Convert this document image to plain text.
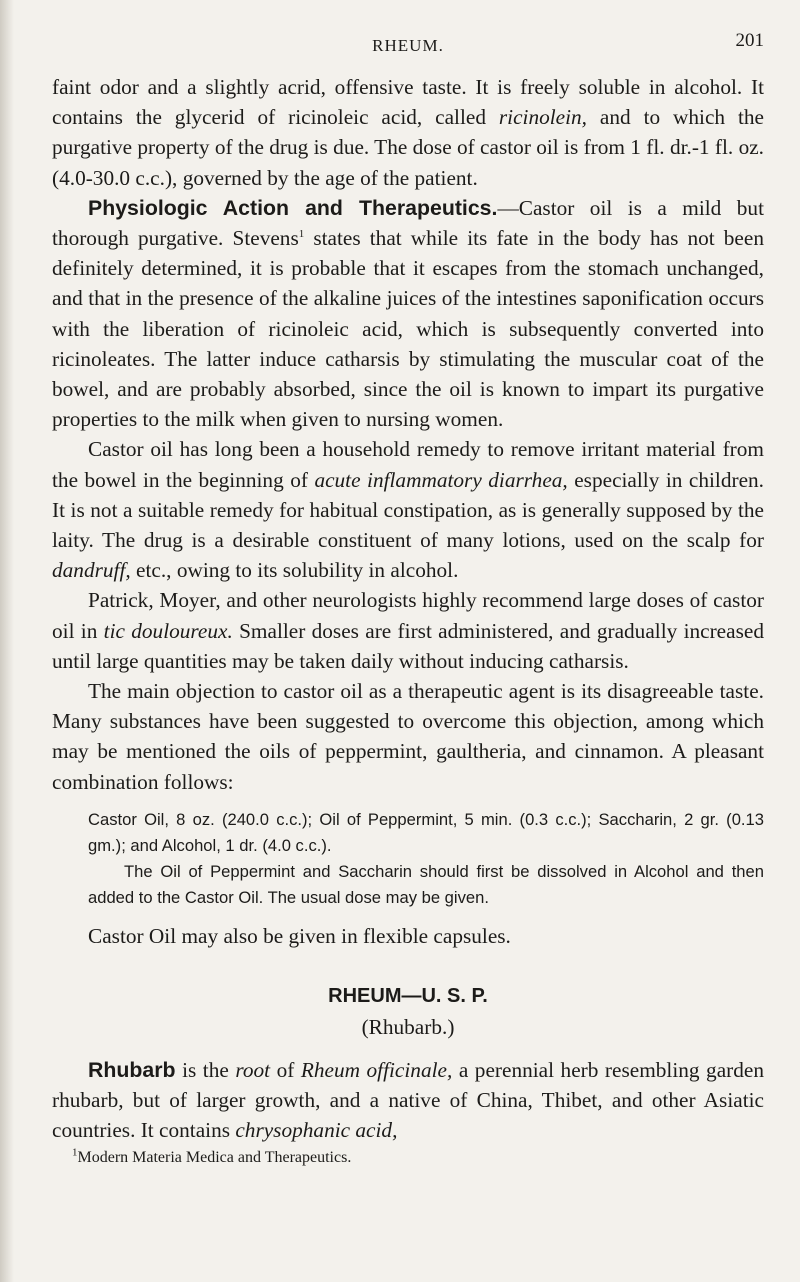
RHEUM.	201

faint odor and a slightly acrid, offensive taste. It is freely soluble in alcohol. It contains the glycerid of ricinoleic acid, called ricinolein, and to which the purgative property of the drug is due. The dose of castor oil is from 1 fl. dr.-1 fl. oz. (4.0-30.0 c.c.), governed by the age of the patient.

Physiologic Action and Therapeutics.—Castor oil is a mild but thorough purgative. Stevens$^1$ states that while its fate in the body has not been definitely determined, it is probable that it escapes from the stomach unchanged, and that in the presence of the alkaline juices of the intestines saponification occurs with the liberation of ricinoleic acid, which is subsequently converted into ricinoleates. The latter induce catharsis by stimulating the muscular coat of the bowel, and are probably absorbed, since the oil is known to impart its purgative properties to the milk when given to nursing women.

Castor oil has long been a household remedy to remove irritant material from the bowel in the beginning of acute inflammatory diarrhea, especially in children. It is not a suitable remedy for habitual constipation, as is generally supposed by the laity. The drug is a desirable constituent of many lotions, used on the scalp for dandruff, etc., owing to its solubility in alcohol.

Patrick, Moyer, and other neurologists highly recommend large doses of castor oil in tic douloureux. Smaller doses are first administered, and gradually increased until large quantities may be taken daily without inducing catharsis.

The main objection to castor oil as a therapeutic agent is its disagreeable taste. Many substances have been suggested to overcome this objection, among which may be mentioned the oils of peppermint, gaultheria, and cinnamon. A pleasant combination follows:

Castor Oil, 8 oz. (240.0 c.c.); Oil of Peppermint, 5 min. (0.3 c.c.); Saccharin, 2 gr. (0.13 gm.); and Alcohol, 1 dr. (4.0 c.c.).

The Oil of Peppermint and Saccharin should first be dissolved in Alcohol and then added to the Castor Oil. The usual dose may be given.

Castor Oil may also be given in flexible capsules.

RHEUM—U. S. P.
(Rhubarb.)

Rhubarb is the root of Rheum officinale, a perennial herb resembling garden rhubarb, but of larger growth, and a native of China, Thibet, and other Asiatic countries. It contains chrysophanic acid,

$^1$Modern Materia Medica and Therapeutics.
